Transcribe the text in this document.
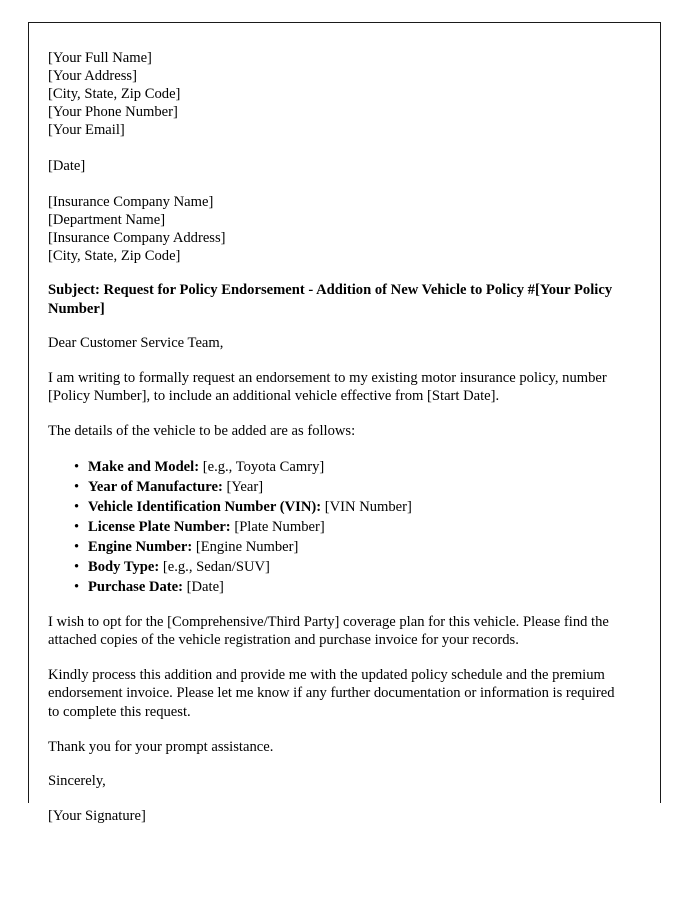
[Your Full Name]
[Your Address]
[City, State, Zip Code]
[Your Phone Number]
[Your Email]
[Date]
[Insurance Company Name]
[Department Name]
[Insurance Company Address]
[City, State, Zip Code]
Subject: Request for Policy Endorsement - Addition of New Vehicle to Policy #[Your Policy Number]
Dear Customer Service Team,
I am writing to formally request an endorsement to my existing motor insurance policy, number [Policy Number], to include an additional vehicle effective from [Start Date].
The details of the vehicle to be added are as follows:
• Make and Model: [e.g., Toyota Camry]
• Year of Manufacture: [Year]
• Vehicle Identification Number (VIN): [VIN Number]
• License Plate Number: [Plate Number]
• Engine Number: [Engine Number]
• Body Type: [e.g., Sedan/SUV]
• Purchase Date: [Date]
I wish to opt for the [Comprehensive/Third Party] coverage plan for this vehicle. Please find the attached copies of the vehicle registration and purchase invoice for your records.
Kindly process this addition and provide me with the updated policy schedule and the premium endorsement invoice. Please let me know if any further documentation or information is required to complete this request.
Thank you for your prompt assistance.
Sincerely,
[Your Signature]
